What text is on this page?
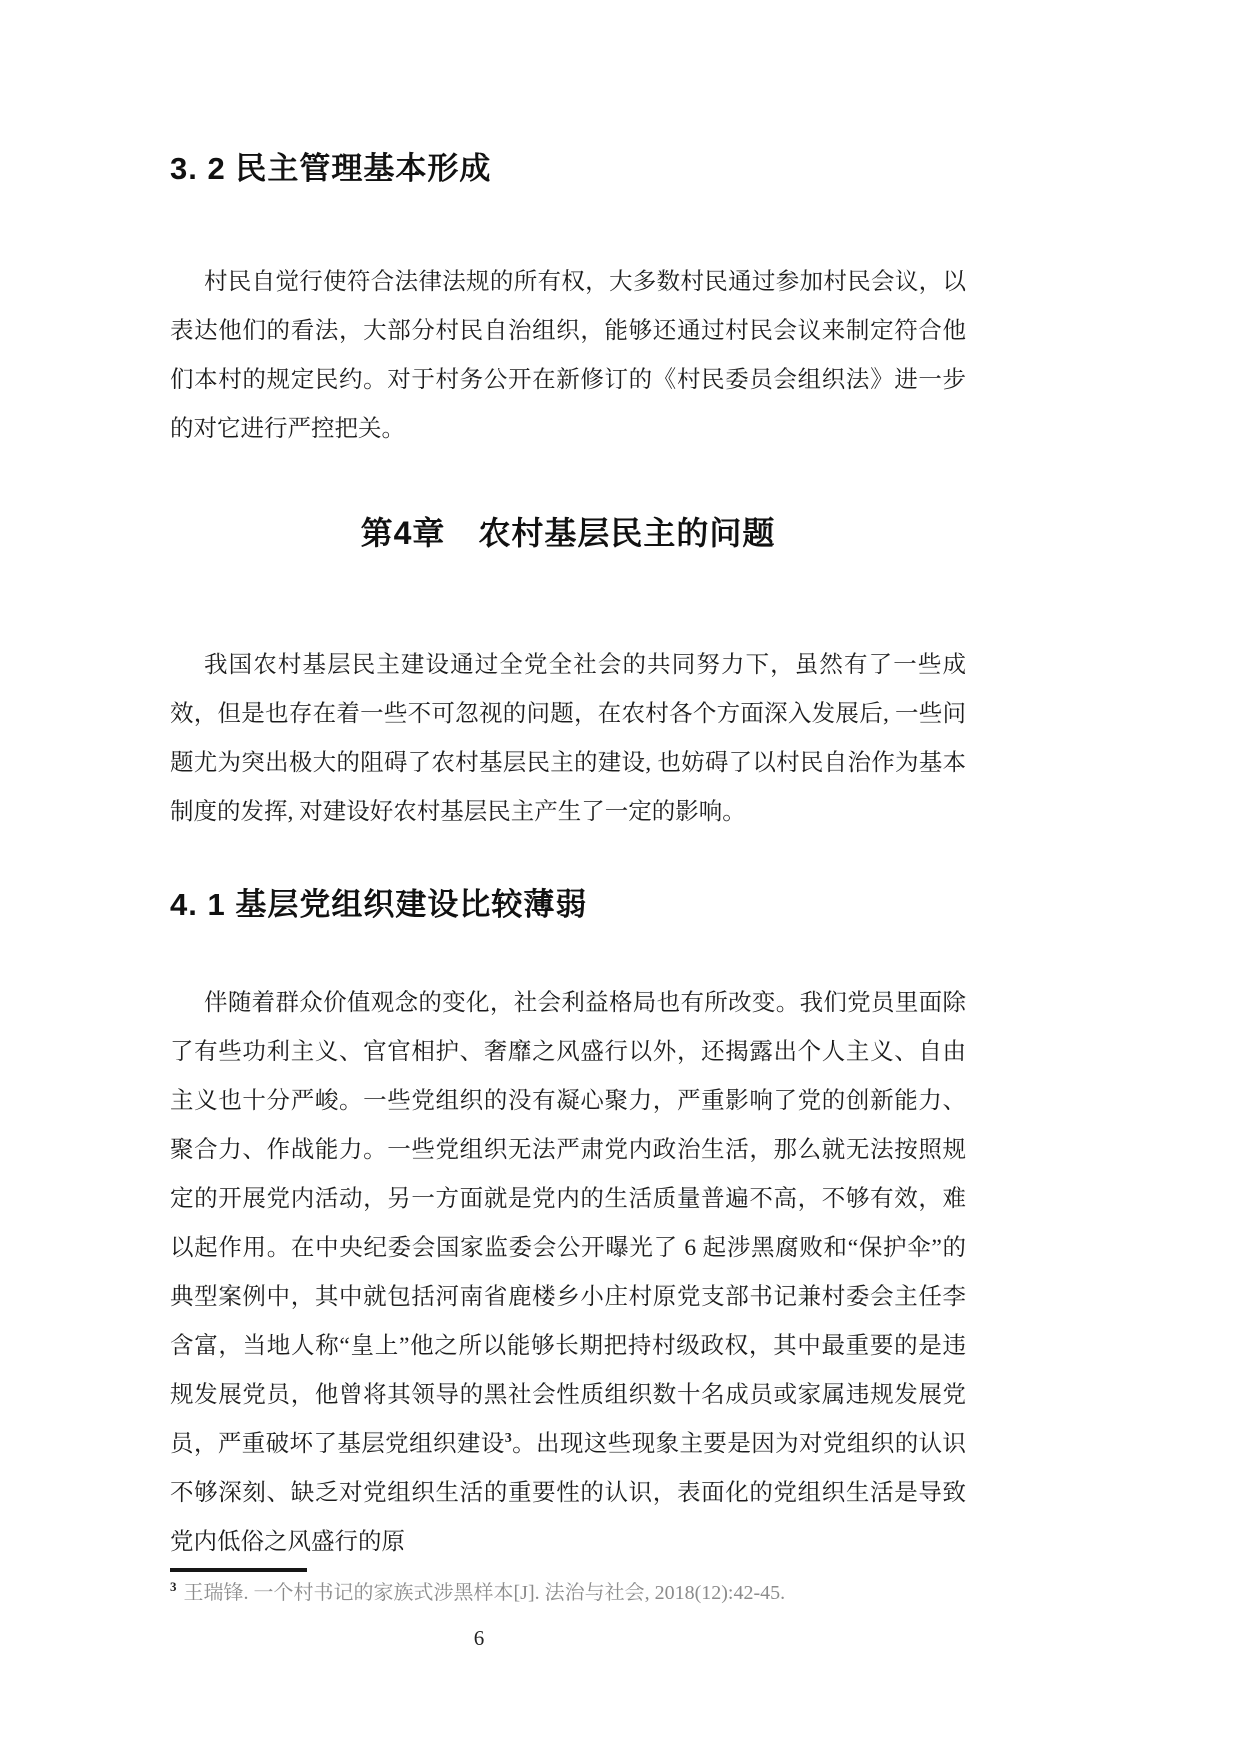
3. 2 民主管理基本形成

村民自觉行使符合法律法规的所有权，大多数村民通过参加村民会议，以表达他们的看法，大部分村民自治组织，能够还通过村民会议来制定符合他们本村的规定民约。对于村务公开在新修订的《村民委员会组织法》进一步的对它进行严控把关。

第4章　农村基层民主的问题

我国农村基层民主建设通过全党全社会的共同努力下，虽然有了一些成效，但是也存在着一些不可忽视的问题，在农村各个方面深入发展后, 一些问题尤为突出极大的阻碍了农村基层民主的建设, 也妨碍了以村民自治作为基本制度的发挥, 对建设好农村基层民主产生了一定的影响。

4. 1 基层党组织建设比较薄弱

伴随着群众价值观念的变化，社会利益格局也有所改变。我们党员里面除了有些功利主义、官官相护、奢靡之风盛行以外，还揭露出个人主义、自由主义也十分严峻。一些党组织的没有凝心聚力，严重影响了党的创新能力、聚合力、作战能力。一些党组织无法严肃党内政治生活，那么就无法按照规定的开展党内活动，另一方面就是党内的生活质量普遍不高，不够有效，难以起作用。在中央纪委会国家监委会公开曝光了 6 起涉黑腐败和“保护伞”的典型案例中，其中就包括河南省鹿楼乡小庄村原党支部书记兼村委会主任李含富，当地人称“皇上”他之所以能够长期把持村级政权，其中最重要的是违规发展党员，他曾将其领导的黑社会性质组织数十名成员或家属违规发展党员，严重破坏了基层党组织建设$^3$。出现这些现象主要是因为对党组织的认识不够深刻、缺乏对党组织生活的重要性的认识，表面化的党组织生活是导致党内低俗之风盛行的原

$^3$ 王瑞锋. 一个村书记的家族式涉黑样本[J]. 法治与社会, 2018(12):42-45.

6
